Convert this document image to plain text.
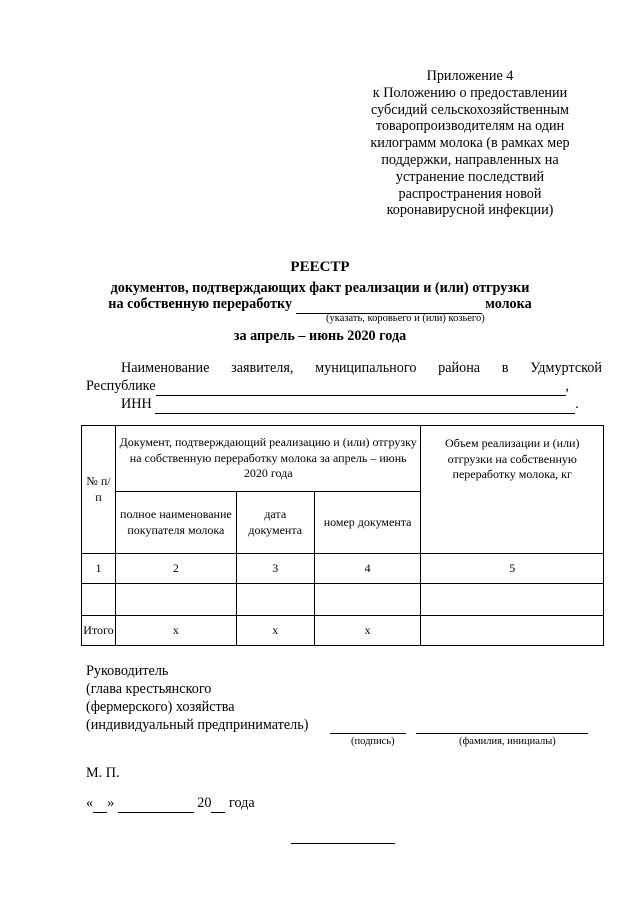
Приложение 4
к Положению о предоставлении
субсидий сельскохозяйственным
товаропроизводителям на один
килограмм молока (в рамках мер
поддержки, направленных на
устранение последствий
распространения новой
коронавирусной инфекции)
РЕЕСТР
документов, подтверждающих факт реализации и (или) отгрузки
на собственную переработку	молока
(указать, коровьего и (или) козьего)
за апрель – июнь 2020 года
Наименование заявителя, муниципального района в Удмуртской
Республике	,
ИНН	.
№ п/п	Документ, подтверждающий реализацию и (или) отгрузку на собственную переработку молока за апрель – июнь 2020 года			Объем реализации и (или) отгрузки на собственную переработку молока, кг
	полное наименование покупателя молока	дата документа	номер документа	
1	2	3	4	5

Итого	х	х	х	
Руководитель
(глава крестьянского
(фермерского) хозяйства
(индивидуальный предприниматель)
(подпись)	(фамилия, инициалы)
М. П.
« »	20 года
